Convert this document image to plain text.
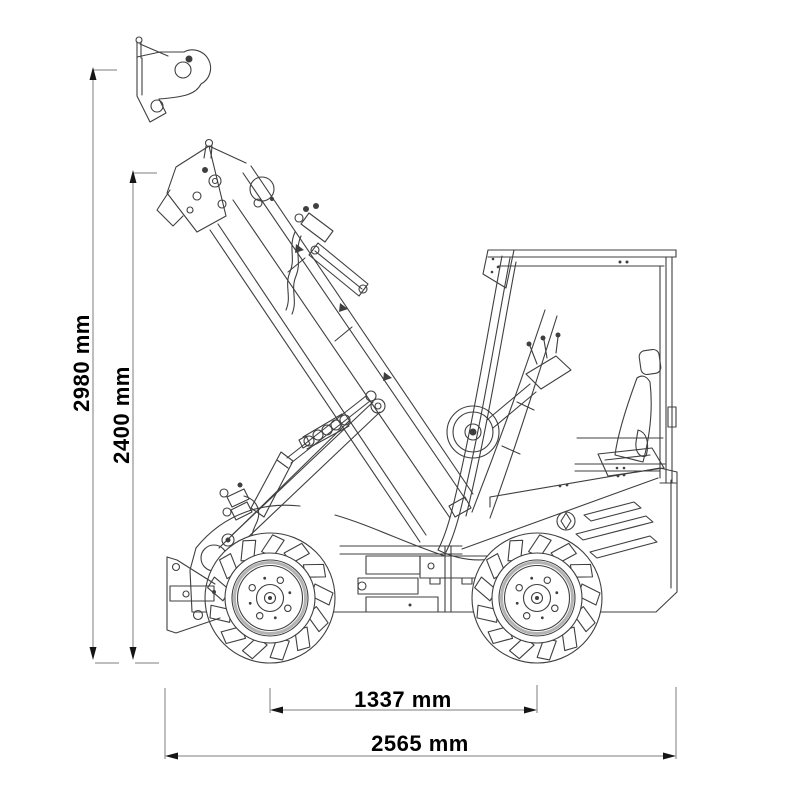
2980 mm
2400 mm
1337 mm
2565 mm
